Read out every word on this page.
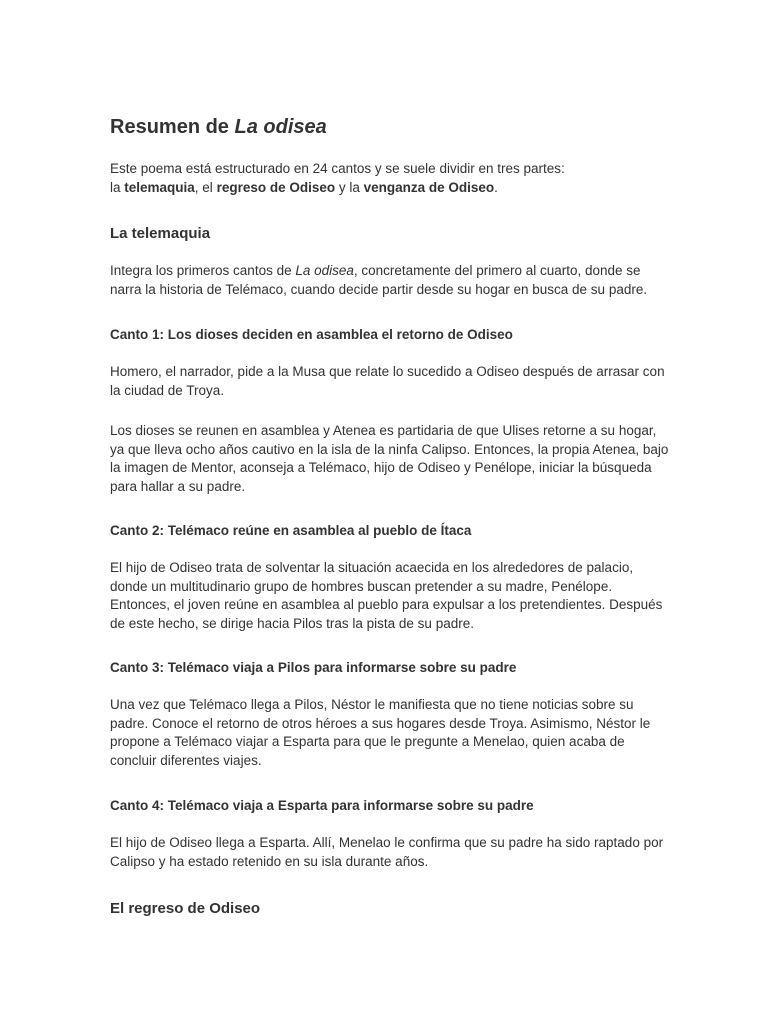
Resumen de La odisea

Este poema está estructurado en 24 cantos y se suele dividir en tres partes:
la telemaquia, el regreso de Odiseo y la venganza de Odiseo.

La telemaquia

Integra los primeros cantos de La odisea, concretamente del primero al cuarto, donde se narra la historia de Telémaco, cuando decide partir desde su hogar en busca de su padre.

Canto 1: Los dioses deciden en asamblea el retorno de Odiseo

Homero, el narrador, pide a la Musa que relate lo sucedido a Odiseo después de arrasar con la ciudad de Troya.

Los dioses se reunen en asamblea y Atenea es partidaria de que Ulises retorne a su hogar, ya que lleva ocho años cautivo en la isla de la ninfa Calipso. Entonces, la propia Atenea, bajo la imagen de Mentor, aconseja a Telémaco, hijo de Odiseo y Penélope, iniciar la búsqueda para hallar a su padre.

Canto 2: Telémaco reúne en asamblea al pueblo de Ítaca

El hijo de Odiseo trata de solventar la situación acaecida en los alrededores de palacio, donde un multitudinario grupo de hombres buscan pretender a su madre, Penélope. Entonces, el joven reúne en asamblea al pueblo para expulsar a los pretendientes. Después de este hecho, se dirige hacia Pilos tras la pista de su padre.

Canto 3: Telémaco viaja a Pilos para informarse sobre su padre

Una vez que Telémaco llega a Pilos, Néstor le manifiesta que no tiene noticias sobre su padre. Conoce el retorno de otros héroes a sus hogares desde Troya. Asimismo, Néstor le propone a Telémaco viajar a Esparta para que le pregunte a Menelao, quien acaba de concluir diferentes viajes.

Canto 4: Telémaco viaja a Esparta para informarse sobre su padre

El hijo de Odiseo llega a Esparta. Allí, Menelao le confirma que su padre ha sido raptado por Calipso y ha estado retenido en su isla durante años.

El regreso de Odiseo
